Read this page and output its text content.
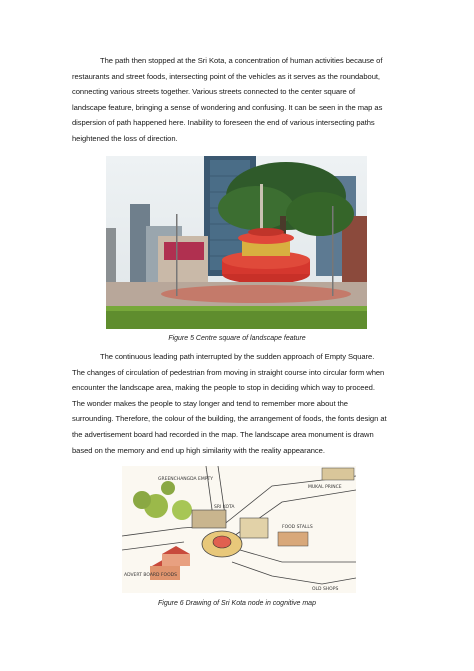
The path then stopped at the Sri Kota, a concentration of human activities because of
restaurants and street foods, intersecting point of the vehicles as it serves as the roundabout,
connecting various streets together. Various streets connected to the center square of
landscape feature, bringing a sense of wondering and confusing. It can be seen in the map as
dispersion of path happened here. Inability to foreseen the end of various intersecting paths
heightened the loss of direction.

Figure 5 Centre square of landscape feature

The continuous leading path interrupted by the sudden approach of Empty Square.
The changes of circulation of pedestrian from moving in straight course into circular form when
encounter the landscape area, making the people to stop in deciding which way to proceed.
The wonder makes the people to stay longer and tend to remember more about the
surrounding. Therefore, the colour of the building, the arrangement of foods, the fonts design at
the advertisement board had recorded in the map. The landscape area monument is drawn
based on the memory and end up high similarity with the reality appearance.

GREENCHANGDA EMPTY
SRI KOTA
MUKAL PRINCE
FOOD STALLS
ADVERT BOARD FOODS
OLD SHOPS
Figure 6 Drawing of Sri Kota node in cognitive map
